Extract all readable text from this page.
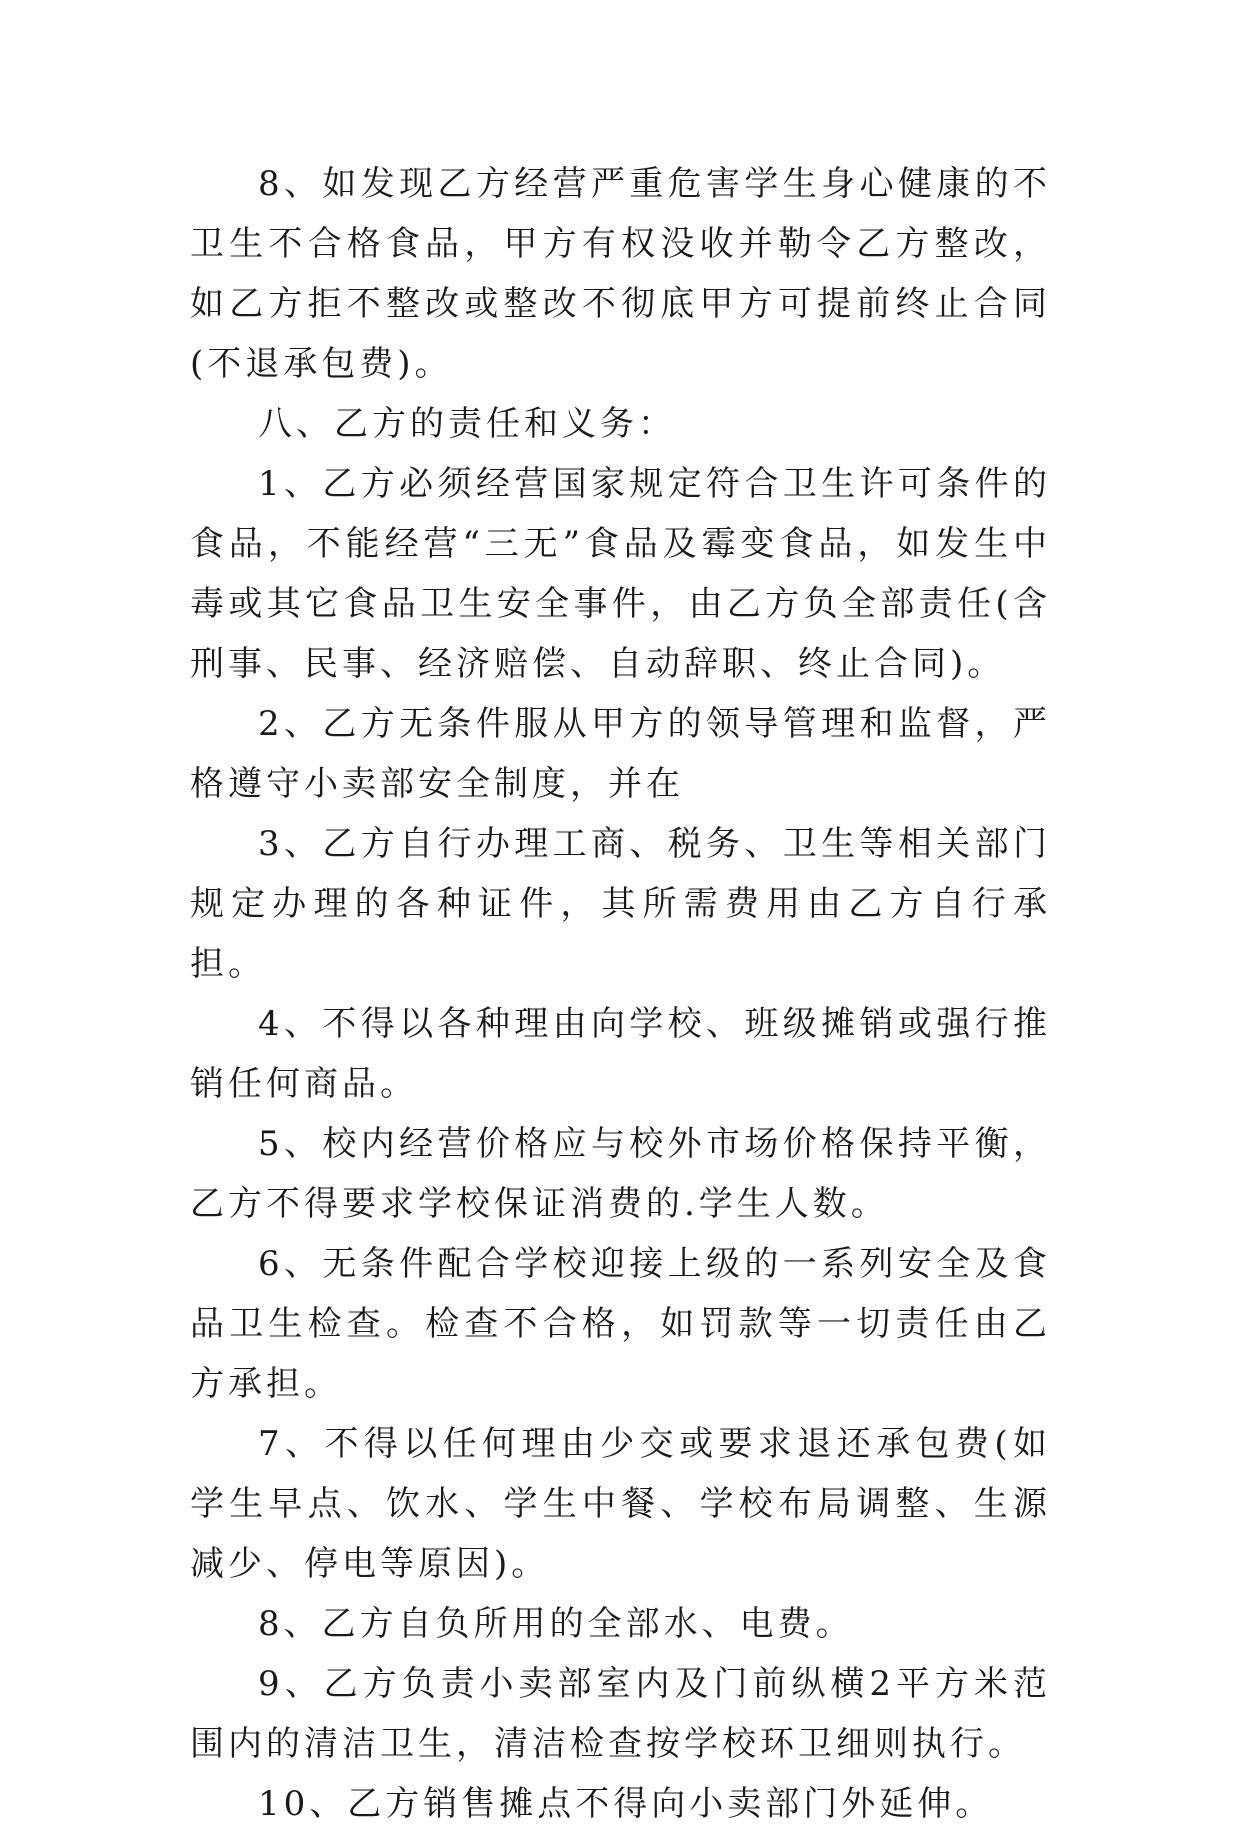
8、如发现乙方经营严重危害学生身心健康的不卫生不合格食品，甲方有权没收并勒令乙方整改，如乙方拒不整改或整改不彻底甲方可提前终止合同(不退承包费)。

八、乙方的责任和义务：

1、乙方必须经营国家规定符合卫生许可条件的食品，不能经营“三无”食品及霉变食品，如发生中毒或其它食品卫生安全事件，由乙方负全部责任(含刑事、民事、经济赔偿、自动辞职、终止合同)。

2、乙方无条件服从甲方的领导管理和监督，严格遵守小卖部安全制度，并在

3、乙方自行办理工商、税务、卫生等相关部门规定办理的各种证件，其所需费用由乙方自行承担。

4、不得以各种理由向学校、班级摊销或强行推销任何商品。

5、校内经营价格应与校外市场价格保持平衡，乙方不得要求学校保证消费的.学生人数。

6、无条件配合学校迎接上级的一系列安全及食品卫生检查。检查不合格，如罚款等一切责任由乙方承担。

7、不得以任何理由少交或要求退还承包费(如学生早点、饮水、学生中餐、学校布局调整、生源减少、停电等原因)。

8、乙方自负所用的全部水、电费。

9、乙方负责小卖部室内及门前纵横2平方米范围内的清洁卫生，清洁检查按学校环卫细则执行。

10、乙方销售摊点不得向小卖部门外延伸。
